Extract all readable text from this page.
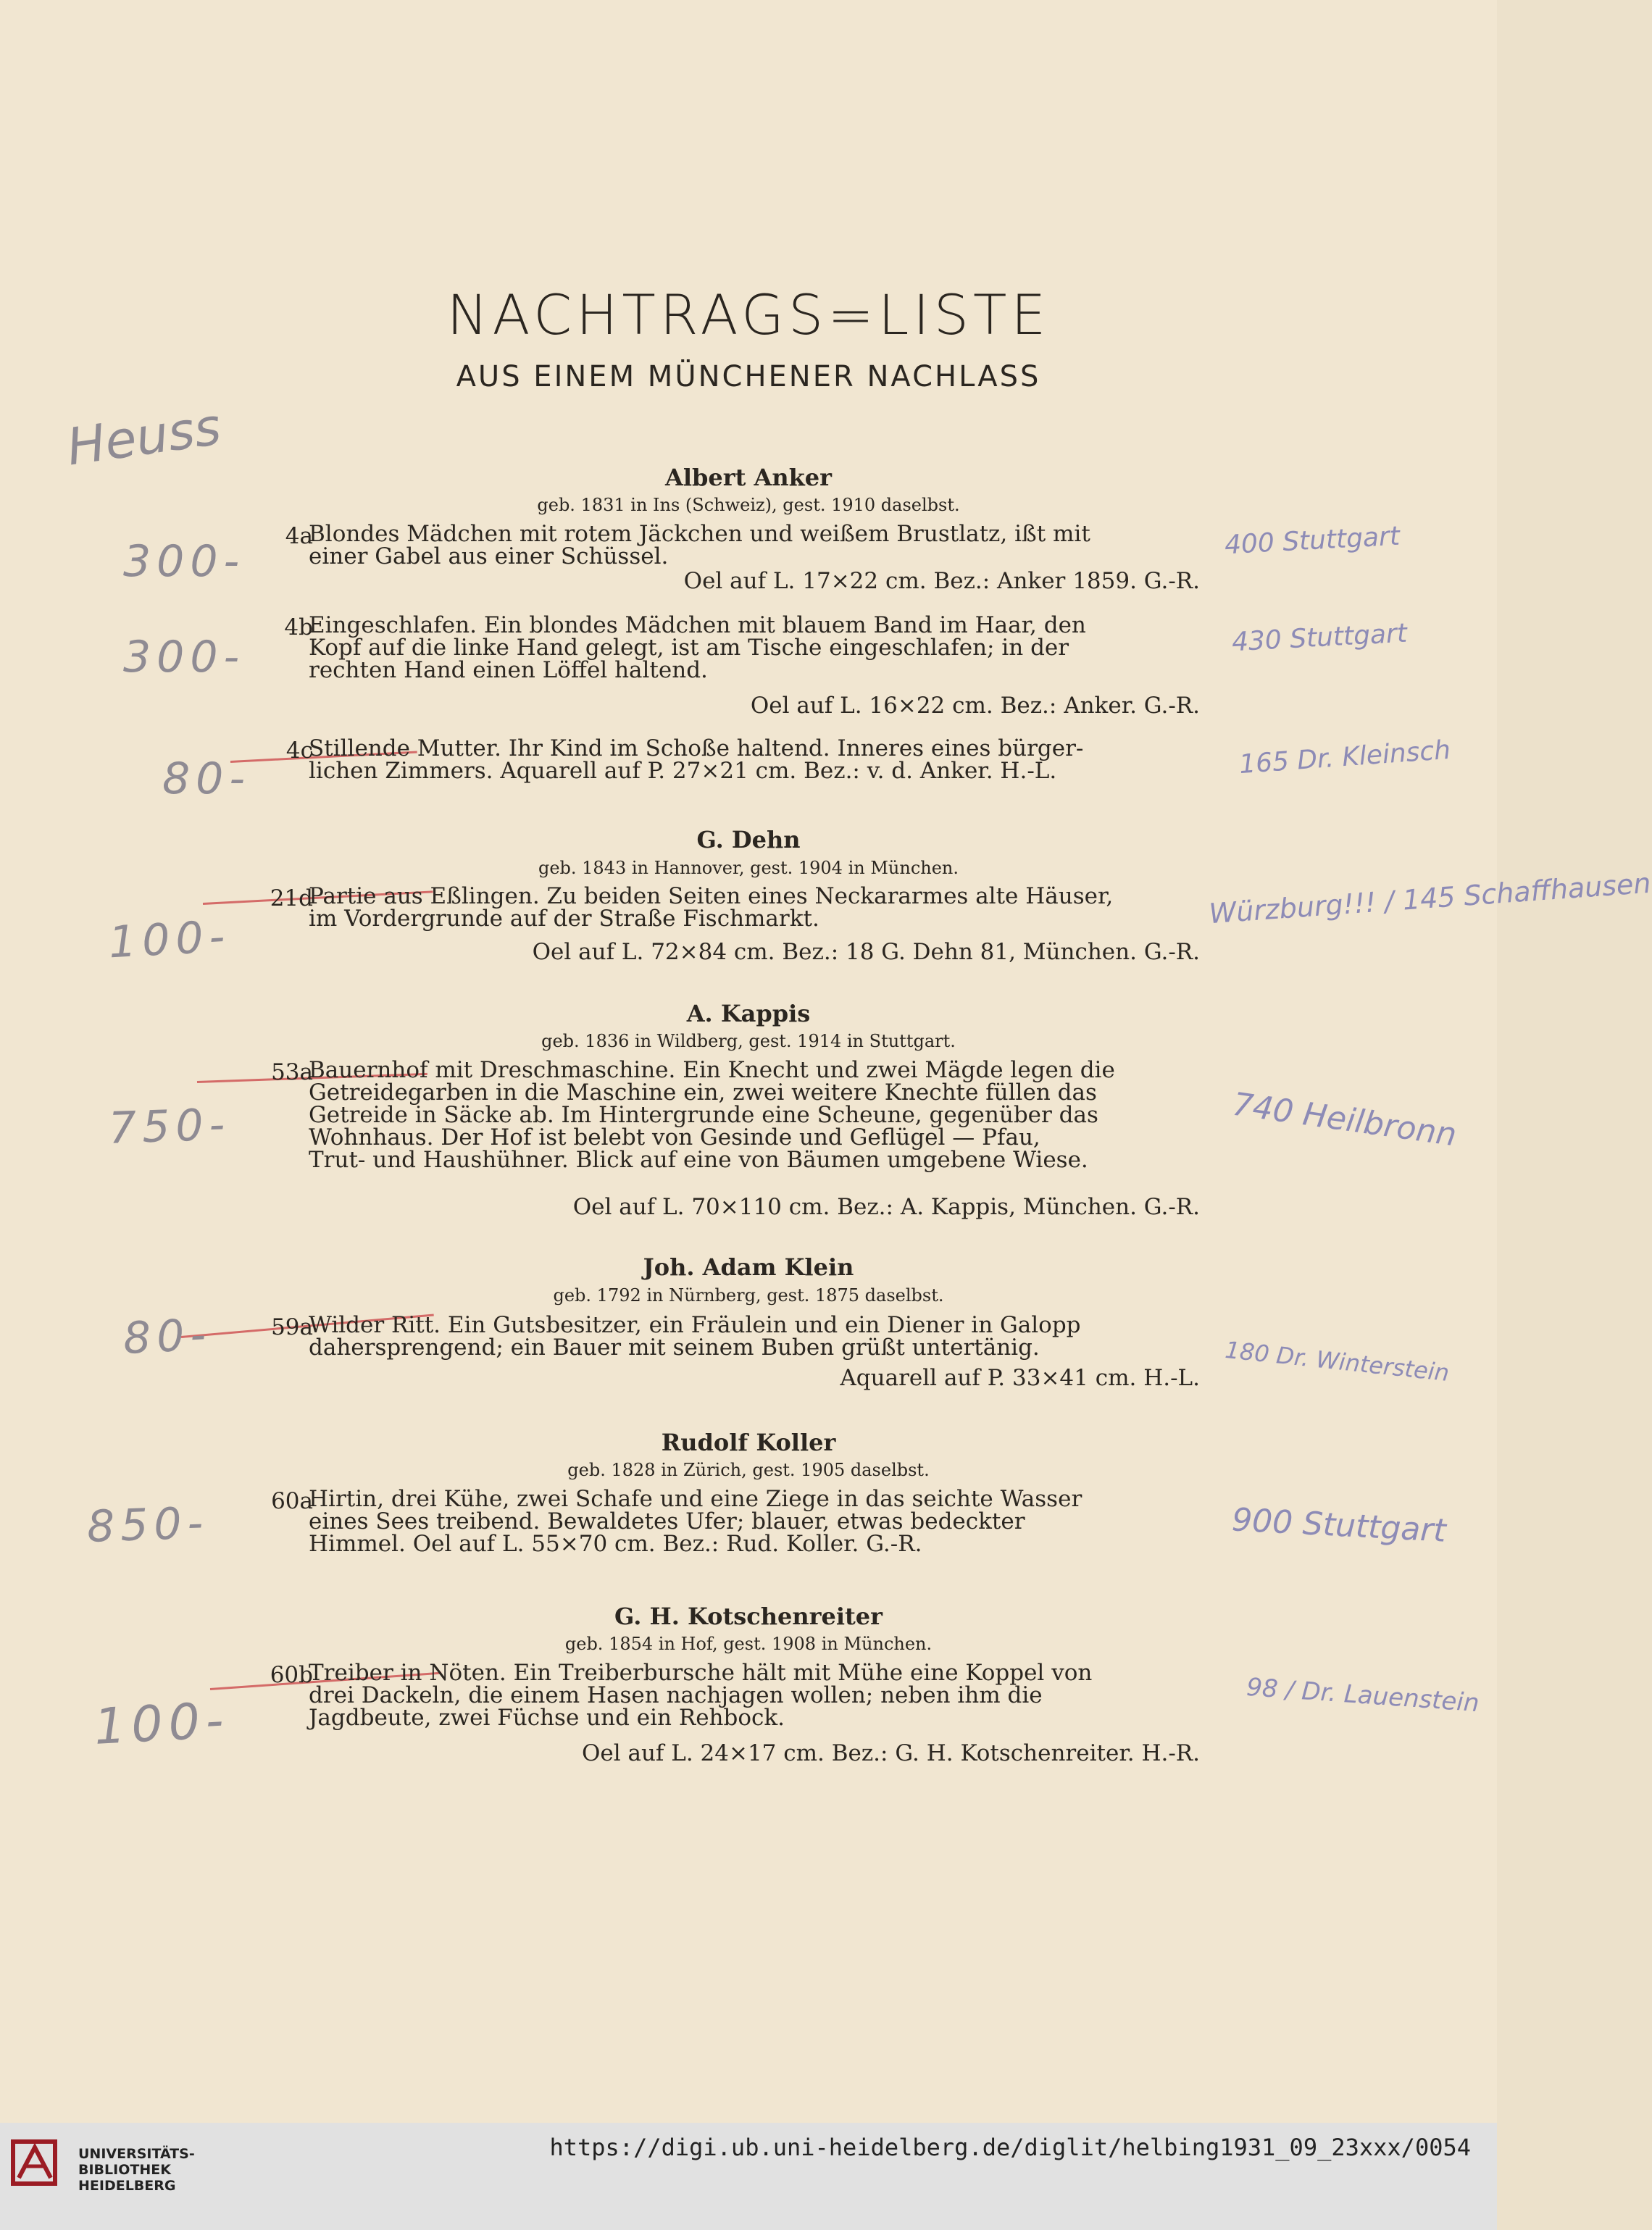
NACHTRAGS=LISTE
AUS EINEM MÜNCHENER NACHLASS
Heuss
Albert Anker
geb. 1831 in Ins (Schweiz), gest. 1910 daselbst.
4a
Blondes Mädchen mit rotem Jäckchen und weißem Brustlatz, ißt mit
einer Gabel aus einer Schüssel.
Oel auf L. 17×22 cm. Bez.: Anker 1859. G.-R.
300-	400 Stuttgart
4b
Eingeschlafen. Ein blondes Mädchen mit blauem Band im Haar, den
Kopf auf die linke Hand gelegt, ist am Tische eingeschlafen; in der
rechten Hand einen Löffel haltend.
Oel auf L. 16×22 cm. Bez.: Anker. G.-R.
300-	430 Stuttgart
4c
Stillende Mutter. Ihr Kind im Schoße haltend. Inneres eines bürger-
lichen Zimmers. Aquarell auf P. 27×21 cm. Bez.: v. d. Anker. H.-L.
80-	165 Dr. Kleinsch
G. Dehn
geb. 1843 in Hannover, gest. 1904 in München.
21d
Partie aus Eßlingen. Zu beiden Seiten eines Neckararmes alte Häuser,
im Vordergrunde auf der Straße Fischmarkt.
Oel auf L. 72×84 cm. Bez.: 18 G. Dehn 81, München. G.-R.
100-
Würzburg!!! / 145 Schaffhausen
A. Kappis
geb. 1836 in Wildberg, gest. 1914 in Stuttgart.
53a
Bauernhof mit Dreschmaschine. Ein Knecht und zwei Mägde legen die
Getreidegarben in die Maschine ein, zwei weitere Knechte füllen das
Getreide in Säcke ab. Im Hintergrunde eine Scheune, gegenüber das
Wohnhaus. Der Hof ist belebt von Gesinde und Geflügel — Pfau,
Trut- und Haushühner. Blick auf eine von Bäumen umgebene Wiese.
Oel auf L. 70×110 cm. Bez.: A. Kappis, München. G.-R.
750-	740 Heilbronn
Joh. Adam Klein
geb. 1792 in Nürnberg, gest. 1875 daselbst.
59a
Wilder Ritt. Ein Gutsbesitzer, ein Fräulein und ein Diener in Galopp
dahersprengend; ein Bauer mit seinem Buben grüßt untertänig.
Aquarell auf P. 33×41 cm. H.-L.
80-	180 Dr. Winterstein
Rudolf Koller
geb. 1828 in Zürich, gest. 1905 daselbst.
60a
Hirtin, drei Kühe, zwei Schafe und eine Ziege in das seichte Wasser
eines Sees treibend. Bewaldetes Ufer; blauer, etwas bedeckter
Himmel. Oel auf L. 55×70 cm. Bez.: Rud. Koller. G.-R.
850-	900 Stuttgart
G. H. Kotschenreiter
geb. 1854 in Hof, gest. 1908 in München.
60b
Treiber in Nöten. Ein Treiberbursche hält mit Mühe eine Koppel von
drei Dackeln, die einem Hasen nachjagen wollen; neben ihm die
Jagdbeute, zwei Füchse und ein Rehbock.
Oel auf L. 24×17 cm. Bez.: G. H. Kotschenreiter. H.-R.
100-	98 / Dr. Lauenstein
UNIVERSITÄTS-
BIBLIOTHEK
HEIDELBERG
https://digi.ub.uni-heidelberg.de/diglit/helbing1931_09_23xxx/0054
